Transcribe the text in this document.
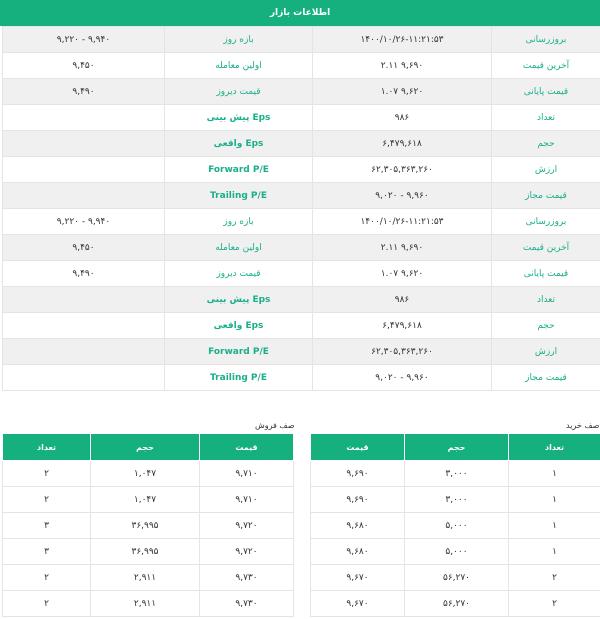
اطلاعات بازار
بروزرسانی	۱۴۰۰/۱۰/۲۶-۱۱:۲۱:۵۳	بازه روز	۹,۹۴۰ - ۹,۲۲۰
آخرین قیمت	۹,۶۹۰ ۲.۱۱	اولین معامله	۹,۴۵۰
قیمت پایانی	۹,۶۲۰ ۱.۰۷	قیمت دیروز	۹,۴۹۰
تعداد	۹۸۶	Eps پیش بینی	
حجم	۶,۴۷۹,۶۱۸	Eps واقعی	
ارزش	۶۲,۳۰۵,۳۶۳,۲۶۰	Forward P/E	
قیمت مجاز	۹,۹۶۰ - ۹,۰۲۰	Trailing P/E	
بروزرسانی	۱۴۰۰/۱۰/۲۶-۱۱:۲۱:۵۳	بازه روز	۹,۹۴۰ - ۹,۲۲۰
آخرین قیمت	۹,۶۹۰ ۲.۱۱	اولین معامله	۹,۴۵۰
قیمت پایانی	۹,۶۲۰ ۱.۰۷	قیمت دیروز	۹,۴۹۰
تعداد	۹۸۶	Eps پیش بینی	
حجم	۶,۴۷۹,۶۱۸	Eps واقعی	
ارزش	۶۲,۳۰۵,۳۶۳,۲۶۰	Forward P/E	
قیمت مجاز	۹,۹۶۰ - ۹,۰۲۰	Trailing P/E	
صف فروش
قیمت	حجم	تعداد
۹,۷۱۰	۱,۰۴۷	۲
۹,۷۱۰	۱,۰۴۷	۲
۹,۷۲۰	۳۶,۹۹۵	۳
۹,۷۲۰	۳۶,۹۹۵	۳
۹,۷۳۰	۲,۹۱۱	۲
۹,۷۳۰	۲,۹۱۱	۲
صف خرید
تعداد	حجم	قیمت
۱	۳,۰۰۰	۹,۶۹۰
۱	۳,۰۰۰	۹,۶۹۰
۱	۵,۰۰۰	۹,۶۸۰
۱	۵,۰۰۰	۹,۶۸۰
۲	۵۶,۲۷۰	۹,۶۷۰
۲	۵۶,۲۷۰	۹,۶۷۰
